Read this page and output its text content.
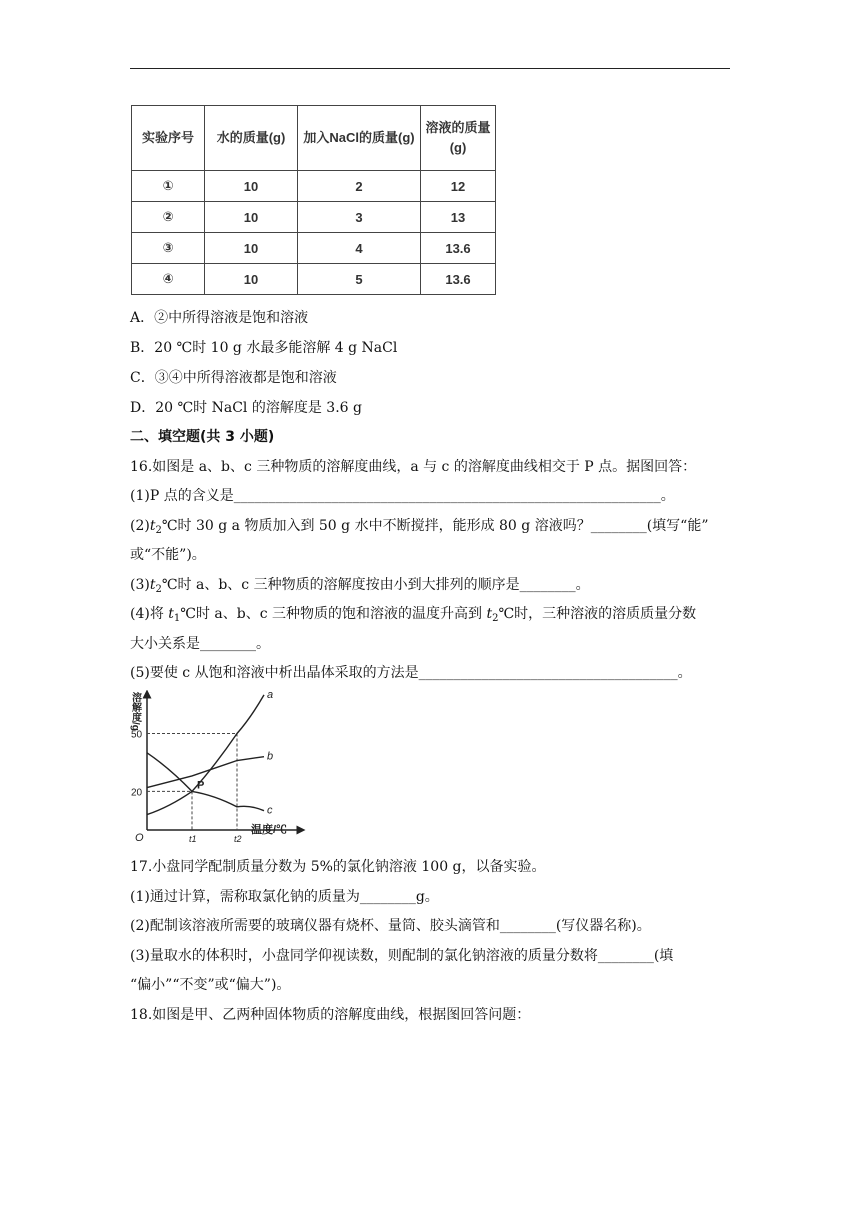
实验序号	水的质量(g)	加入NaCl的质量(g)	溶液的质量(g)
①	10	2	12
②	10	3	13
③	10	4	13.6
④	10	5	13.6
A．②中所得溶液是饱和溶液
B．20 ℃时 10 g 水最多能溶解 4 g NaCl
C．③④中所得溶液都是饱和溶液
D．20 ℃时 NaCl 的溶解度是 3.6 g
二、填空题(共 3 小题)
16.如图是 a、b、c 三种物质的溶解度曲线，a 与 c 的溶解度曲线相交于 P 点。据图回答：
(1)P 点的含义是_____________________________________________________________。
$(2)t_2℃$时 30 g a 物质加入到 50 g 水中不断搅拌，能形成 80 g 溶液吗？________(填写“能”
或“不能”)。
$(3)t_2℃$时 a、b、c 三种物质的溶解度按由小到大排列的顺序是________。
(4)将 $t_1℃$时 a、b、c 三种物质的饱和溶液的温度升高到 $t_2℃$时，三种溶液的溶质质量分数
大小关系是________。
(5)要使 c 从饱和溶液中析出晶体采取的方法是_____________________________________。
a
b
c
溶解度/g
温度/℃
O
20
50
t1	t2
P
17.小盘同学配制质量分数为 5%的氯化钠溶液 100 g，以备实验。
(1)通过计算，需称取氯化钠的质量为________g。
(2)配制该溶液所需要的玻璃仪器有烧杯、量筒、胶头滴管和________(写仪器名称)。
(3)量取水的体积时，小盘同学仰视读数，则配制的氯化钠溶液的质量分数将________(填
“偏小”“不变”或“偏大”)。
18.如图是甲、乙两种固体物质的溶解度曲线，根据图回答问题：
